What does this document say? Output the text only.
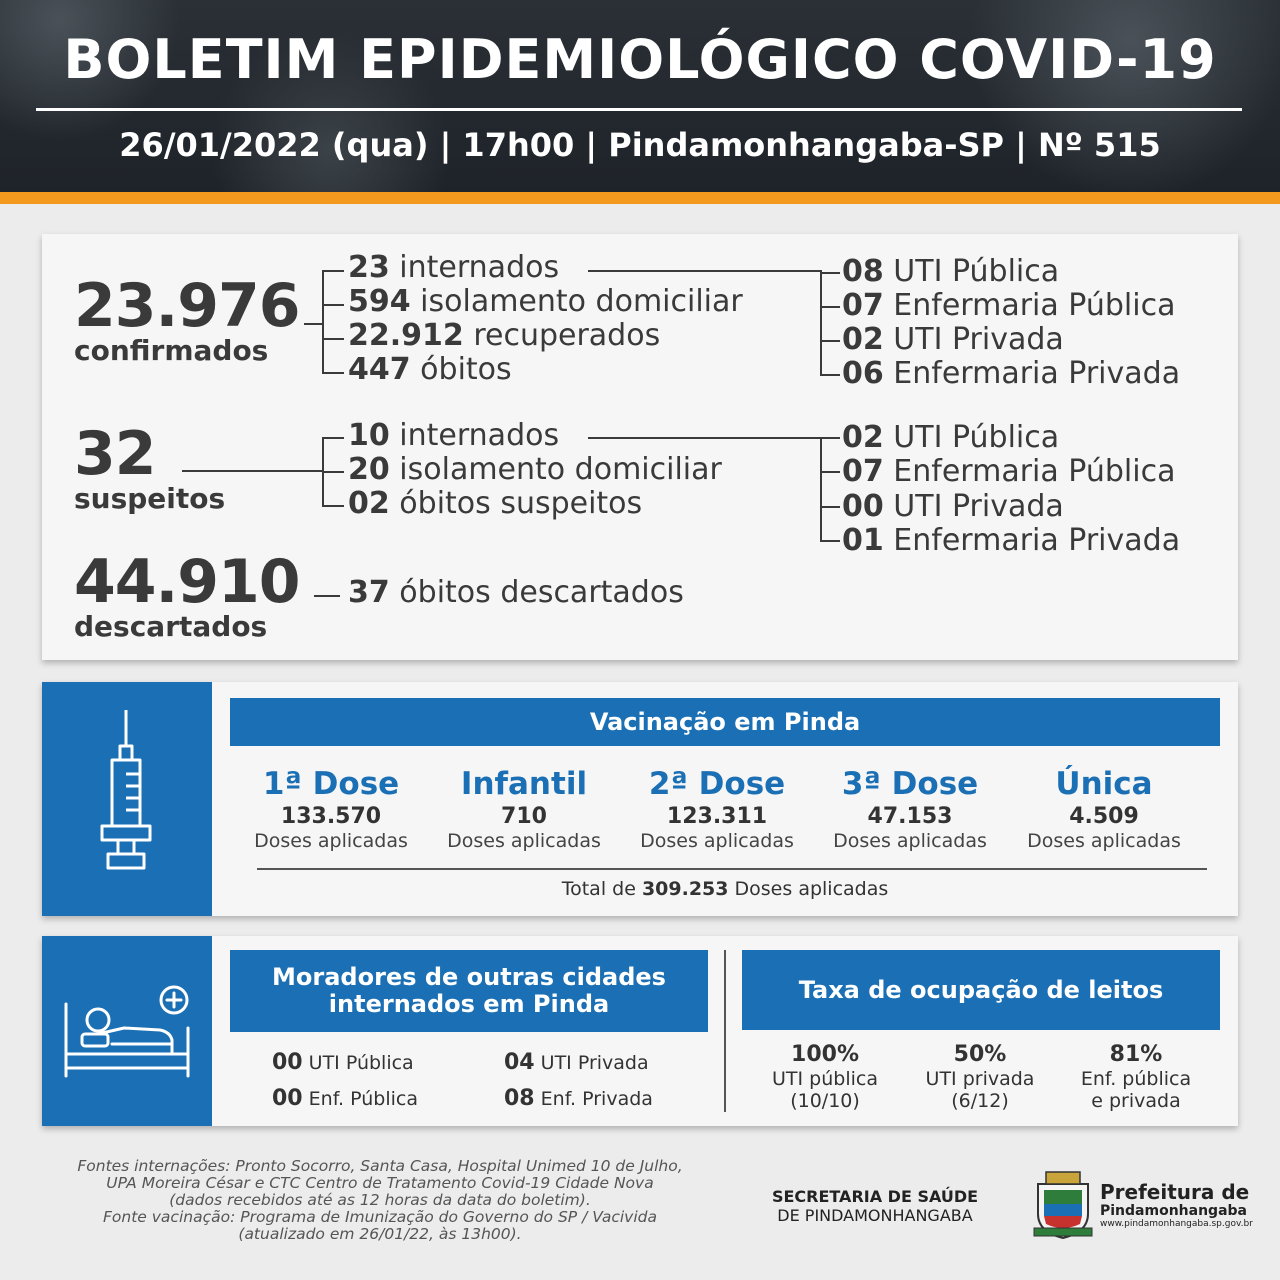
BOLETIM EPIDEMIOLÓGICO COVID-19
26/01/2022 (qua) | 17h00 | Pindamonhangaba-SP | Nº 515
23.976
confirmados
23 internados
594 isolamento domiciliar
22.912 recuperados
447 óbitos
08 UTI Pública
07 Enfermaria Pública
02 UTI Privada
06 Enfermaria Privada
32
suspeitos
10 internados
20 isolamento domiciliar
02 óbitos suspeitos
02 UTI Pública
07 Enfermaria Pública
00 UTI Privada
01 Enfermaria Privada
44.910
descartados
37 óbitos descartados
Vacinação em Pinda
1ª Dose
133.570
Doses aplicadas
Infantil
710
Doses aplicadas
2ª Dose
123.311
Doses aplicadas
3ª Dose
47.153
Doses aplicadas
Única
4.509
Doses aplicadas
Total de 309.253 Doses aplicadas
Moradores de outras cidades
internados em Pinda
00 UTI Pública	04 UTI Privada
00 Enf. Pública	08 Enf. Privada
Taxa de ocupação de leitos
100%
UTI pública
(10/10)
50%
UTI privada
(6/12)
81%
Enf. pública
e privada
Fontes internações: Pronto Socorro, Santa Casa, Hospital Unimed 10 de Julho,
UPA Moreira César e CTC Centro de Tratamento Covid-19 Cidade Nova
(dados recebidos até as 12 horas da data do boletim).
Fonte vacinação: Programa de Imunização do Governo do SP / Vacivida
(atualizado em 26/01/22, às 13h00).
SECRETARIA DE SAÚDE
DE PINDAMONHANGABA
Prefeitura de
Pindamonhangaba
www.pindamonhangaba.sp.gov.br
